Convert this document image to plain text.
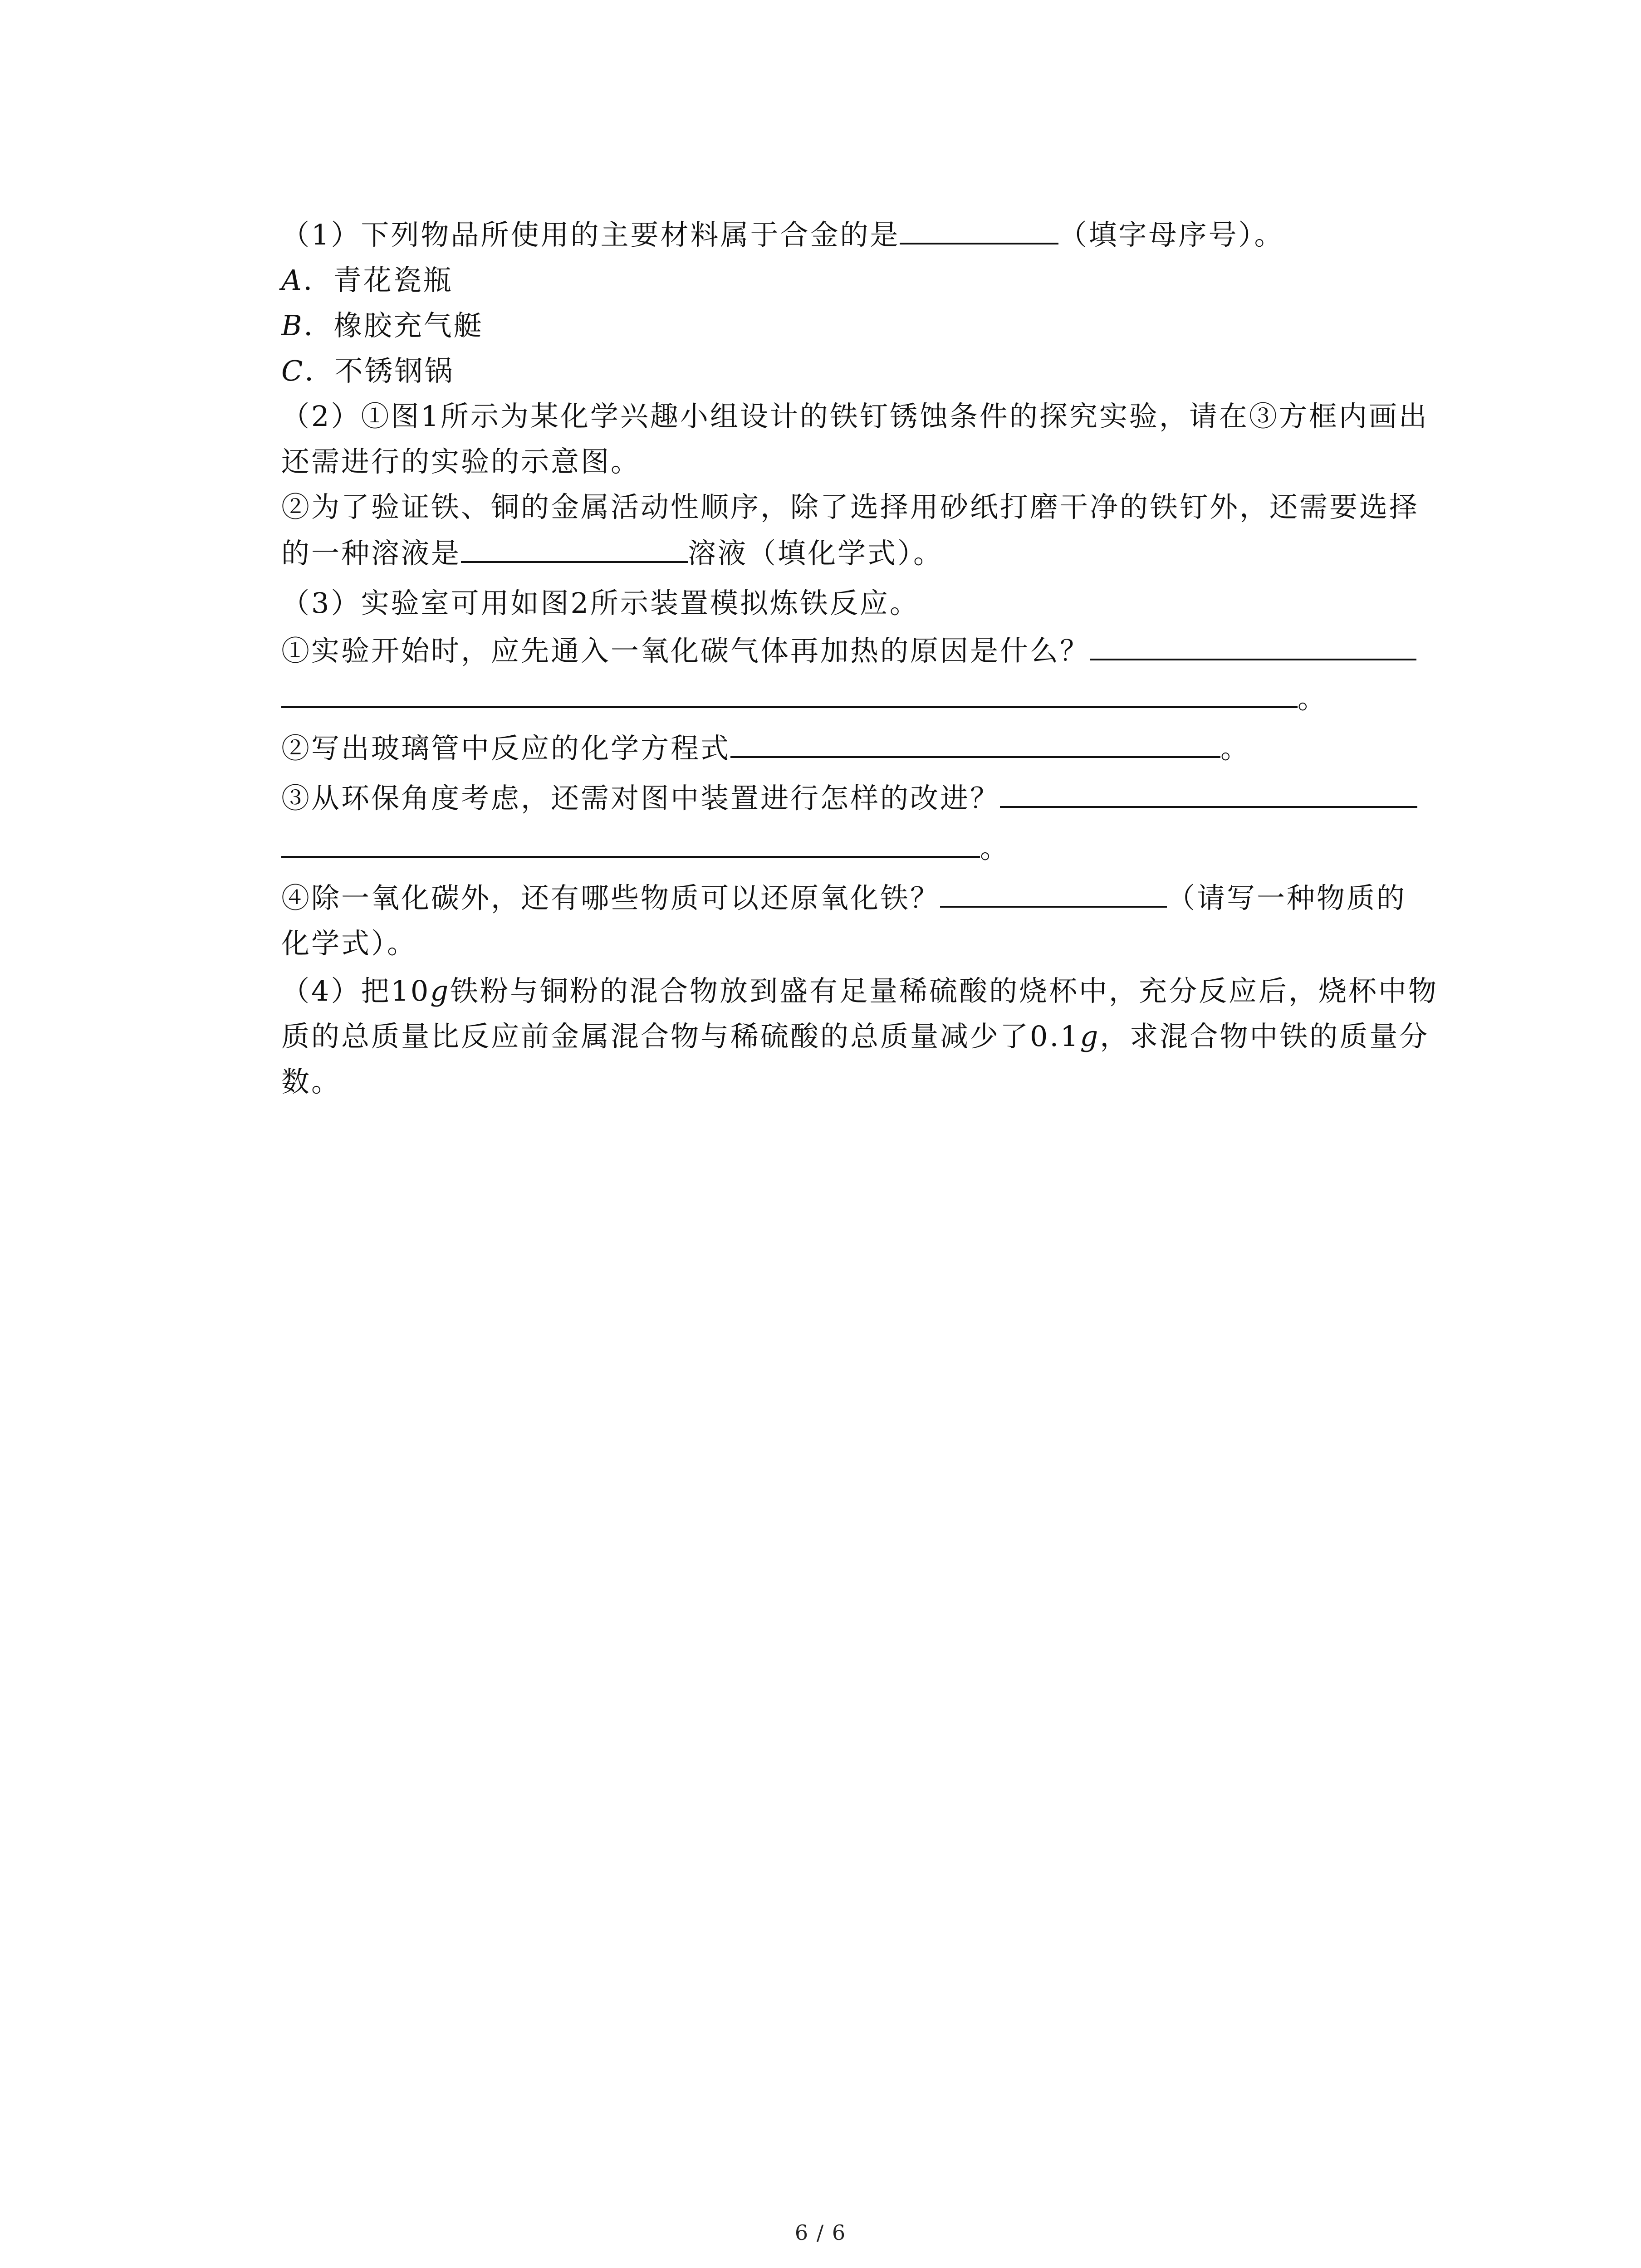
（1）下列物品所使用的主要材料属于合金的是	（填字母序号）。
A．青花瓷瓶
B．橡胶充气艇
C．不锈钢锅
（2）①图1所示为某化学兴趣小组设计的铁钉锈蚀条件的探究实验，请在③方框内画出
还需进行的实验的示意图。
②为了验证铁、铜的金属活动性顺序，除了选择用砂纸打磨干净的铁钉外，还需要选择
的一种溶液是	溶液（填化学式）。
（3）实验室可用如图2所示装置模拟炼铁反应。
①实验开始时，应先通入一氧化碳气体再加热的原因是什么？
。
②写出玻璃管中反应的化学方程式	。
③从环保角度考虑，还需对图中装置进行怎样的改进？
。
④除一氧化碳外，还有哪些物质可以还原氧化铁？	（请写一种物质的
化学式）。
（4）把10g铁粉与铜粉的混合物放到盛有足量稀硫酸的烧杯中，充分反应后，烧杯中物
质的总质量比反应前金属混合物与稀硫酸的总质量减少了0.1g，求混合物中铁的质量分
数。
6 / 6
